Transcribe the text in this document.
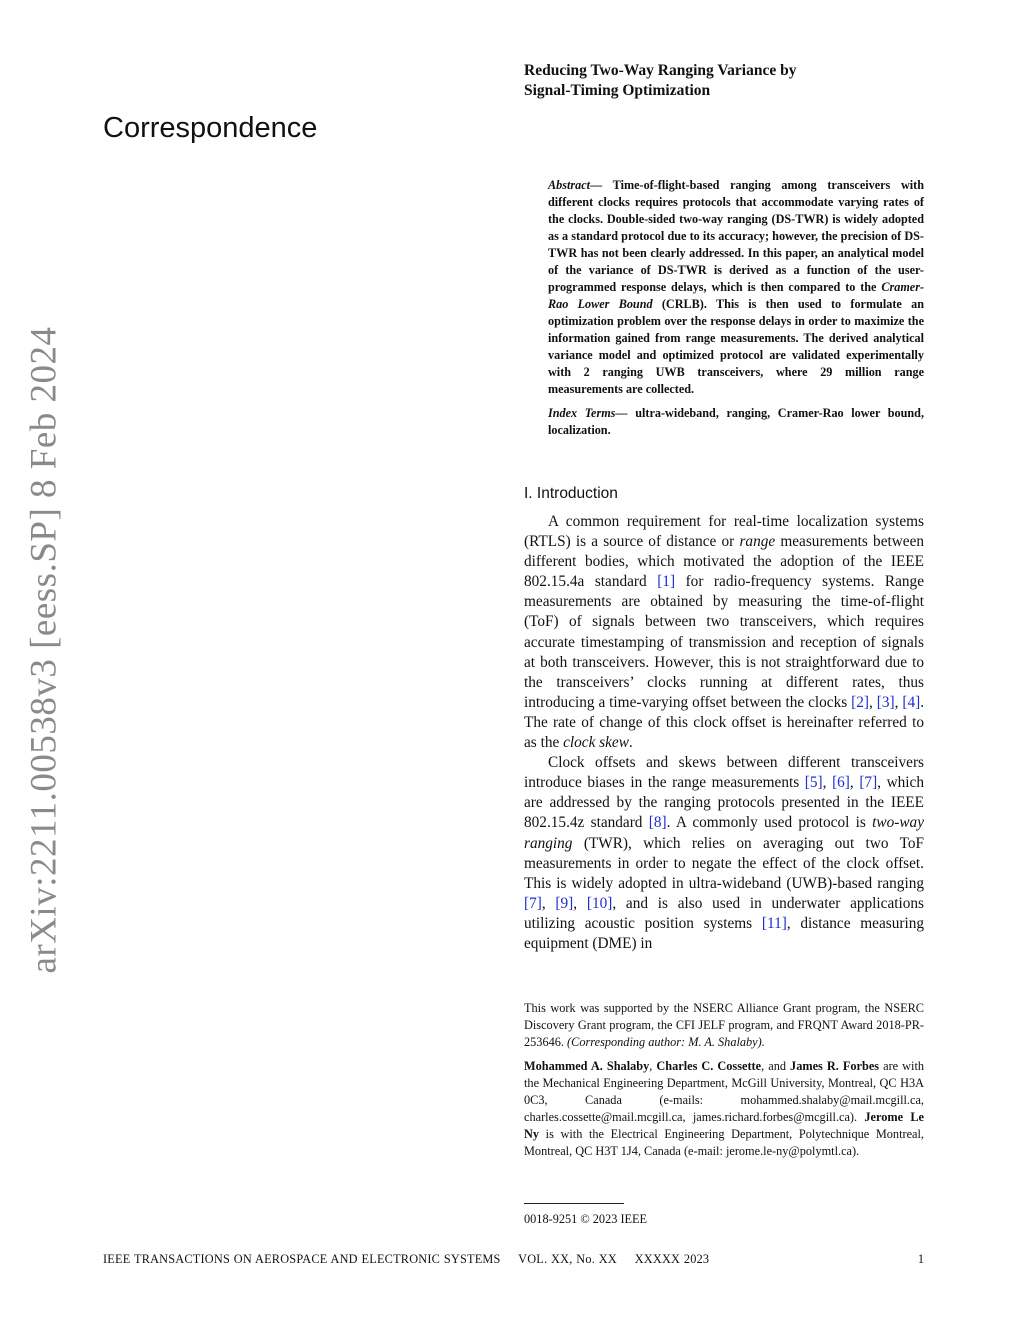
arXiv:2211.00538v3 [eess.SP] 8 Feb 2024
Correspondence
Reducing Two-Way Ranging Variance by
Signal-Timing Optimization
Abstract— Time-of-flight-based ranging among transceivers with different clocks requires protocols that accommodate varying rates of the clocks. Double-sided two-way ranging (DS-TWR) is widely adopted as a standard protocol due to its accuracy; however, the precision of DS-TWR has not been clearly addressed. In this paper, an analytical model of the variance of DS-TWR is derived as a function of the user-programmed response delays, which is then compared to the Cramer-Rao Lower Bound (CRLB). This is then used to formulate an optimization problem over the response delays in order to maximize the information gained from range measurements. The derived analytical variance model and optimized protocol are validated experimentally with 2 ranging UWB transceivers, where 29 million range measurements are collected.
Index Terms— ultra-wideband, ranging, Cramer-Rao lower bound, localization.
I. Introduction

A common requirement for real-time localization systems (RTLS) is a source of distance or range measurements between different bodies, which motivated the adoption of the IEEE 802.15.4a standard [1] for radio-frequency systems. Range measurements are obtained by measuring the time-of-flight (ToF) of signals between two transceivers, which requires accurate timestamping of transmission and reception of signals at both transceivers. However, this is not straightforward due to the transceivers’ clocks running at different rates, thus introducing a time-varying offset between the clocks [2], [3], [4]. The rate of change of this clock offset is hereinafter referred to as the clock skew.

Clock offsets and skews between different transceivers introduce biases in the range measurements [5], [6], [7], which are addressed by the ranging protocols presented in the IEEE 802.15.4z standard [8]. A commonly used protocol is two-way ranging (TWR), which relies on averaging out two ToF measurements in order to negate the effect of the clock offset. This is widely adopted in ultra-wideband (UWB)-based ranging [7], [9], [10], and is also used in underwater applications utilizing acoustic position systems [11], distance measuring equipment (DME) in

This work was supported by the NSERC Alliance Grant program, the NSERC Discovery Grant program, the CFI JELF program, and FRQNT Award 2018-PR-253646. (Corresponding author: M. A. Shalaby).

Mohammed A. Shalaby, Charles C. Cossette, and James R. Forbes are with the Mechanical Engineering Department, McGill University, Montreal, QC H3A 0C3, Canada (e-mails: mohammed.shalaby@mail.mcgill.ca, charles.cossette@mail.mcgill.ca, james.richard.forbes@mcgill.ca). Jerome Le Ny is with the Electrical Engineering Department, Polytechnique Montreal, Montreal, QC H3T 1J4, Canada (e-mail: jerome.le-ny@polymtl.ca).

0018-9251 © 2023 IEEE
IEEE TRANSACTIONS ON AEROSPACE AND ELECTRONIC SYSTEMS VOL. XX, No. XX XXXXX 2023	1
